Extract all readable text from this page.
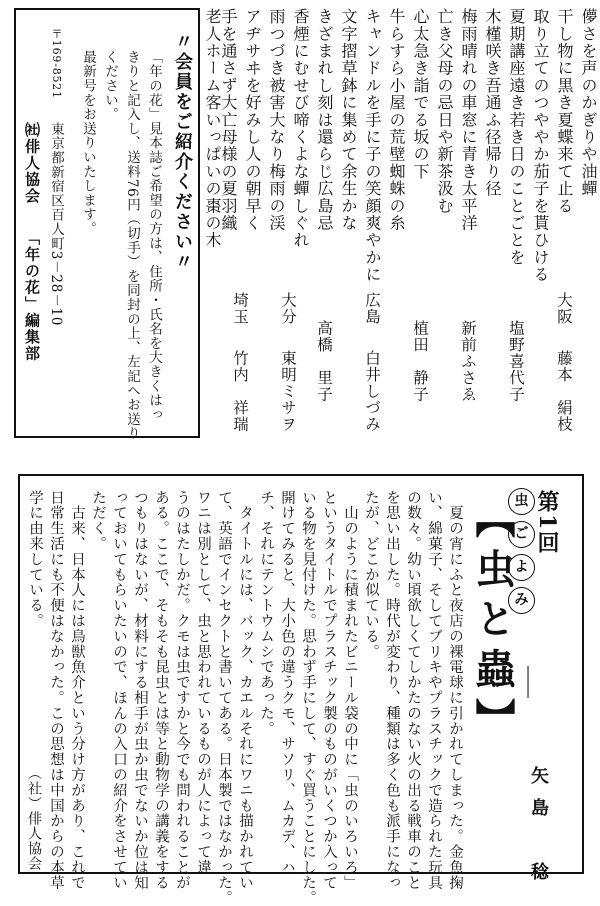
儚さを声のかぎりや油蟬
干し物に黒き夏蝶来て止る
取り立てのつややか茄子を貰ひける
夏期講座遠き若き日のことごとを
木槿咲き吾通ふ径帰り径
梅雨晴れの車窓に青き太平洋
亡き父母の忌日や新茶汲む
心太急き詣でる坂の下
牛らすら小屋の荒壁蜘蛛の糸
キャンドルを手に子の笑顔爽やかに
文字摺草鉢に集めて余生かな
きざまれし刻は還らじ広島忌
香煙にむせび啼くよな蟬しぐれ
雨つづき被害大なり梅雨の渓
アヂサヰを好みし人の朝早く
手を通さず大亡母様の夏羽織
老人ホーム客いっぱいの棗の木
大阪
藤本　絹枝
塩野喜代子
新前ふさゑ
植田　静子
広島
白井しづみ
高橋　里子
大分
東明ミサヲ
埼玉
竹内　祥瑞
〃会員をご紹介ください〃
「年の花」見本誌ご希望の方は、住所・氏名を大きくはっ
きりと記入し、送料76円（切手）を同封の上、左記へお送り
ください。
最新号をお送りいたします。
〒169-8521
東京都新宿区百人町3－28－10
㈳俳人協会
「年の花」編集部
虫
ご
よ
み
――
第1回
【虫と蟲】
矢島　稔
　夏の宵にふと夜店の裸電球に引かれてしまった。金魚掬
い、綿菓子、そしてブリキやプラスチックで造られた玩具
の数々。幼い頃欲しくてしかたのない火の出る戦車のこと
を思い出した。時代が変わり、種類は多く色も派手になっ
たが、どこか似ている。
　山のように積まれたビニール袋の中に「虫のいろいろ」
というタイトルでプラスチック製のものがいくつか入って
いる物を見付けた。思わず手にして、すぐ買うことにした。
開けてみると、大小色の違うクモ、サソリ、ムカデ、ハ
チ、それにテントウムシであった。
　タイトルには、バック、カエルそれにワニも描かれてい
て、英語でインセクトと書いてある。日本製ではなかった。
ワニは別として、虫と思われているものが人によって違
うのはたしかだ。クモは虫ですかと今でも問われることが
ある。ここで、そもそも昆虫とは等と動物学の講義をする
つもりはないが、材料にする相手が虫か虫でないか位は知
っておいてもらいたいので、ほんの入口の紹介をさせてい
ただく。
　古来、日本人には鳥獣魚介という分け方があり、これで
日常生活にも不便はなかった。この思想は中国からの本草
学に由来している。
（社）俳人協会
